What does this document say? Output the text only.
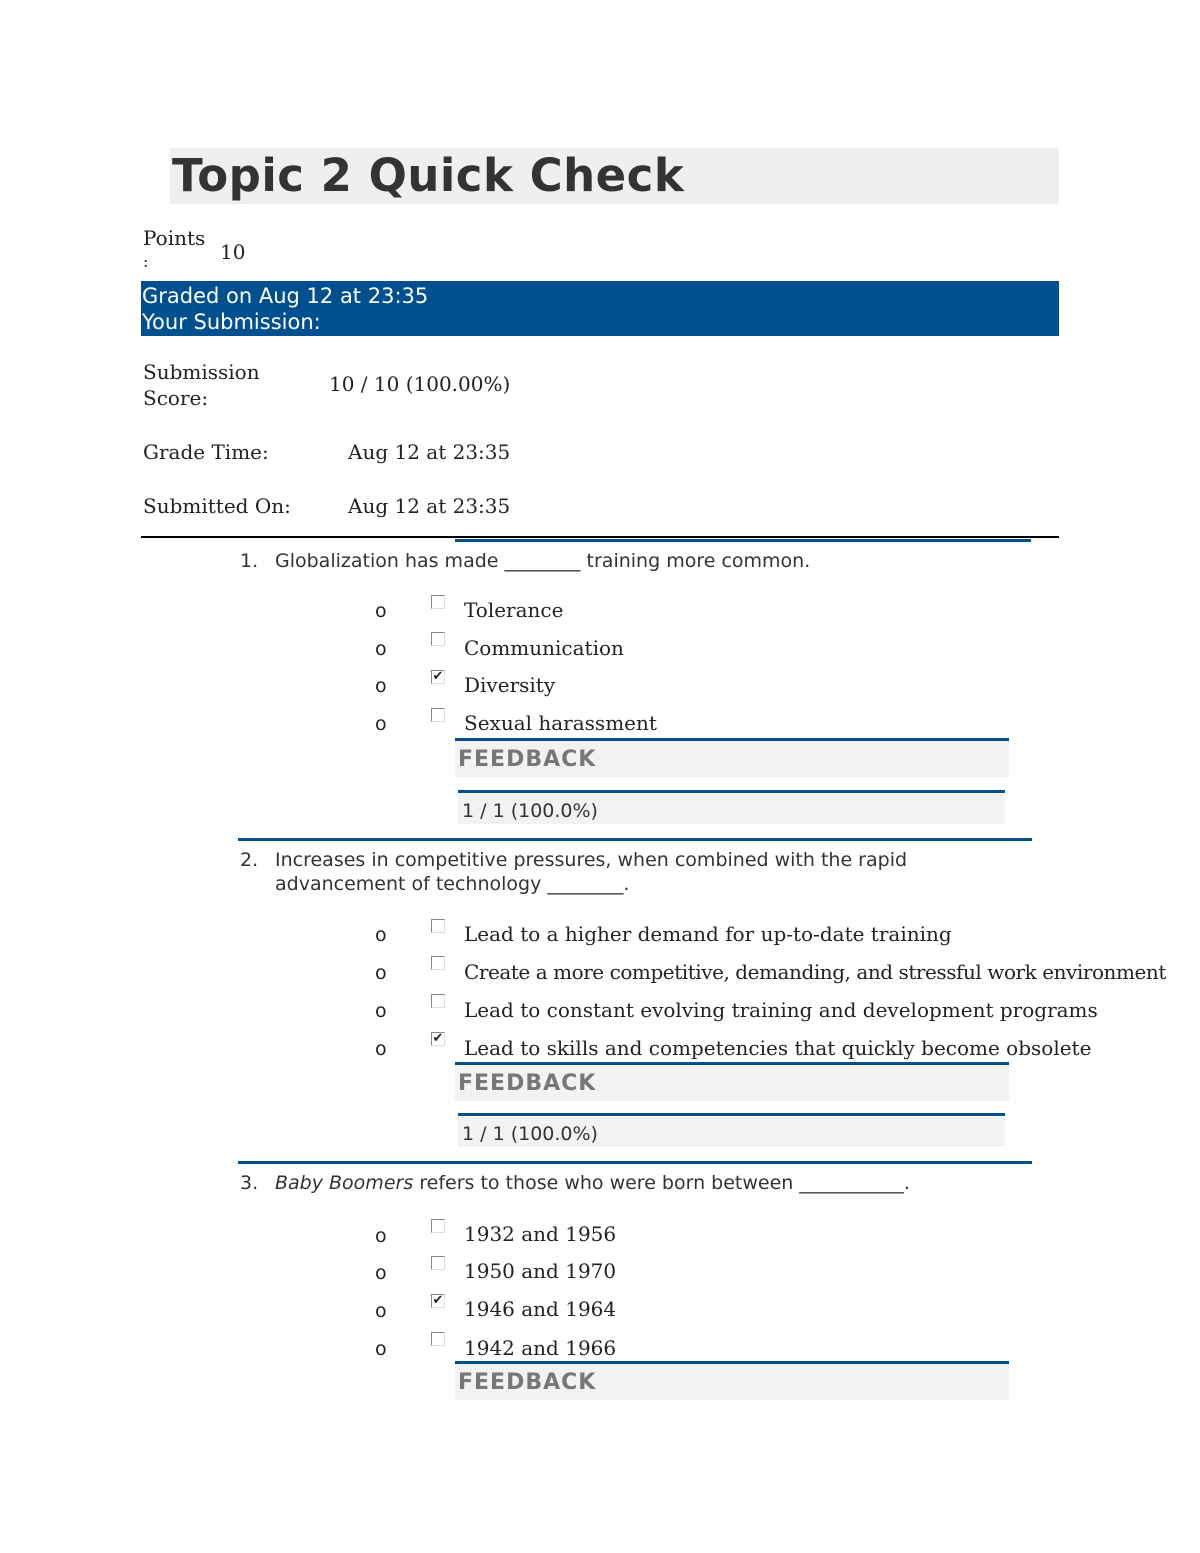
Topic 2 Quick Check
Points
:	10
Graded on Aug 12 at 23:35
Your Submission:
Submission
Score:
10 / 10 (100.00%)
Grade Time:	Aug 12 at 23:35
Submitted On:	Aug 12 at 23:35
1. Globalization has made ________ training more common.
o	Tolerance
o	Communication
o	✔ Diversity
o	Sexual harassment
FEEDBACK
1 / 1 (100.0%)
2. Increases in competitive pressures, when combined with the rapid
advancement of technology ________.
o	Lead to a higher demand for up-to-date training
o	Create a more competitive, demanding, and stressful work environment
o	Lead to constant evolving training and development programs
o	✔ Lead to skills and competencies that quickly become obsolete
FEEDBACK
1 / 1 (100.0%)
3. Baby Boomers refers to those who were born between ___________.
o	1932 and 1956
o	1950 and 1970
o	✔ 1946 and 1964
o	1942 and 1966
FEEDBACK
